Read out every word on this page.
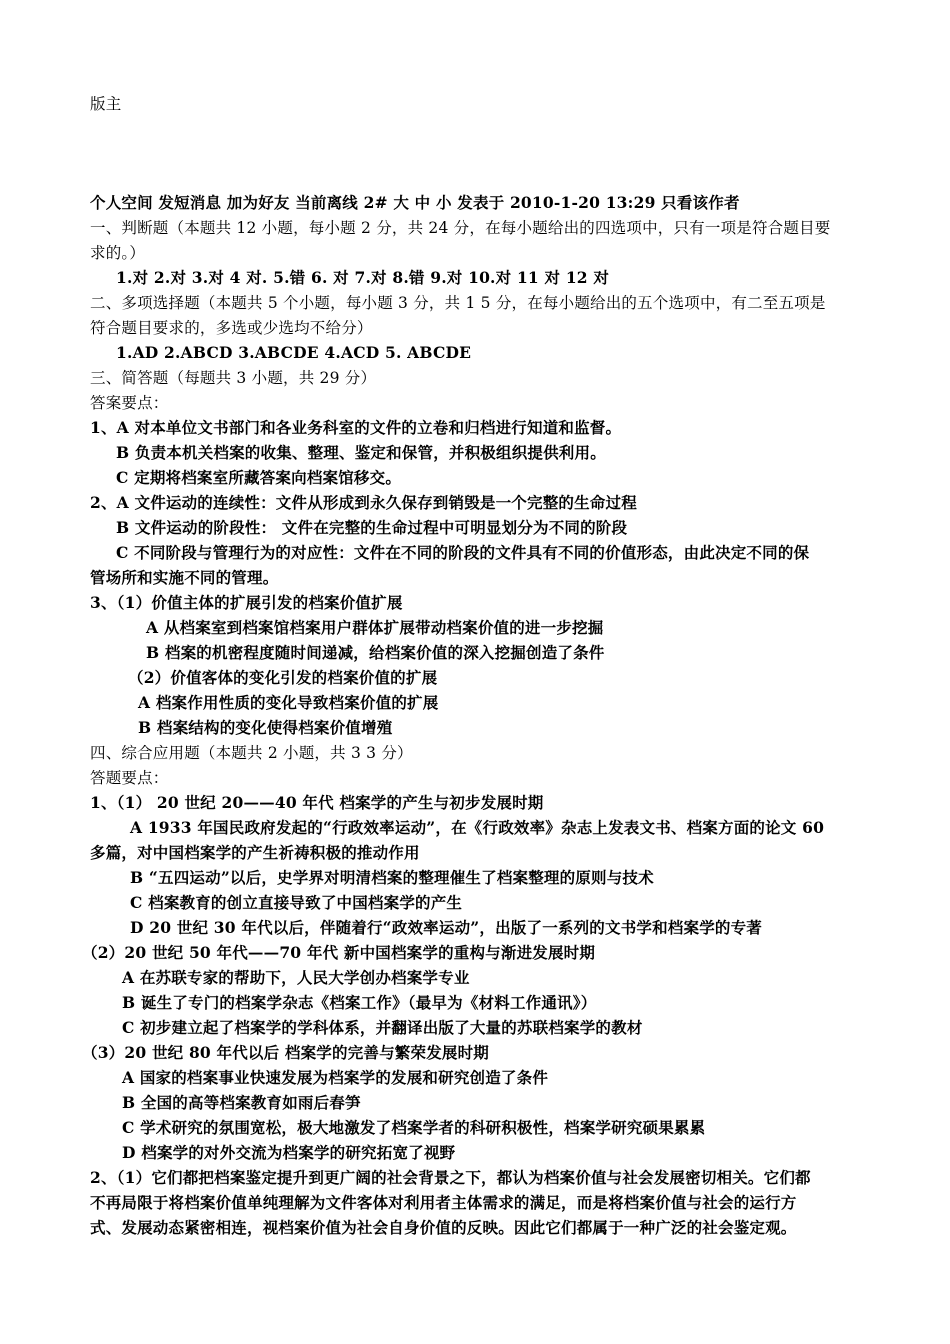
版主
个人空间 发短消息 加为好友 当前离线 2# 大 中 小 发表于 2010-1-20 13:29 只看该作者
一、判断题（本题共 12 小题，每小题 2 分，共 24 分，在每小题给出的四选项中，只有一项是符合题目要
求的。）
1.对 2.对 3.对 4 对. 5.错 6. 对 7.对 8.错 9.对 10.对 11 对 12 对
二、多项选择题（本题共 5 个小题，每小题 3 分，共 1 5 分，在每小题给出的五个选项中，有二至五项是
符合题目要求的，多选或少选均不给分）
1.AD 2.ABCD 3.ABCDE 4.ACD 5. ABCDE
三、简答题（每题共 3 小题，共 29 分）
答案要点：
1、A 对本单位文书部门和各业务科室的文件的立卷和归档进行知道和监督。
B 负责本机关档案的收集、整理、鉴定和保管，并积极组织提供利用。
C 定期将档案室所藏答案向档案馆移交。
2、A 文件运动的连续性：文件从形成到永久保存到销毁是一个完整的生命过程
B 文件运动的阶段性： 文件在完整的生命过程中可明显划分为不同的阶段
C 不同阶段与管理行为的对应性：文件在不同的阶段的文件具有不同的价值形态，由此决定不同的保
管场所和实施不同的管理。
3、（1）价值主体的扩展引发的档案价值扩展
A 从档案室到档案馆档案用户群体扩展带动档案价值的进一步挖掘
B 档案的机密程度随时间递减，给档案价值的深入挖掘创造了条件
（2）价值客体的变化引发的档案价值的扩展
A 档案作用性质的变化导致档案价值的扩展
B 档案结构的变化使得档案价值增殖
四、综合应用题（本题共 2 小题，共 3 3 分）
答题要点：
1、（1） 20 世纪 20——40 年代 档案学的产生与初步发展时期
A 1933 年国民政府发起的“行政效率运动”，在《行政效率》杂志上发表文书、档案方面的论文 60
多篇，对中国档案学的产生祈祷积极的推动作用
B “五四运动”以后，史学界对明清档案的整理催生了档案整理的原则与技术
C 档案教育的创立直接导致了中国档案学的产生
D 20 世纪 30 年代以后，伴随着行“政效率运动”，出版了一系列的文书学和档案学的专著
（2）20 世纪 50 年代——70 年代 新中国档案学的重构与渐进发展时期
A 在苏联专家的帮助下，人民大学创办档案学专业
B 诞生了专门的档案学杂志《档案工作》（最早为《材料工作通讯》）
C 初步建立起了档案学的学科体系，并翻译出版了大量的苏联档案学的教材
（3）20 世纪 80 年代以后 档案学的完善与繁荣发展时期
A 国家的档案事业快速发展为档案学的发展和研究创造了条件
B 全国的高等档案教育如雨后春笋
C 学术研究的氛围宽松，极大地激发了档案学者的科研积极性，档案学研究硕果累累
D 档案学的对外交流为档案学的研究拓宽了视野
2、（1）它们都把档案鉴定提升到更广阔的社会背景之下，都认为档案价值与社会发展密切相关。它们都
不再局限于将档案价值单纯理解为文件客体对利用者主体需求的满足，而是将档案价值与社会的运行方
式、发展动态紧密相连，视档案价值为社会自身价值的反映。因此它们都属于一种广泛的社会鉴定观。
